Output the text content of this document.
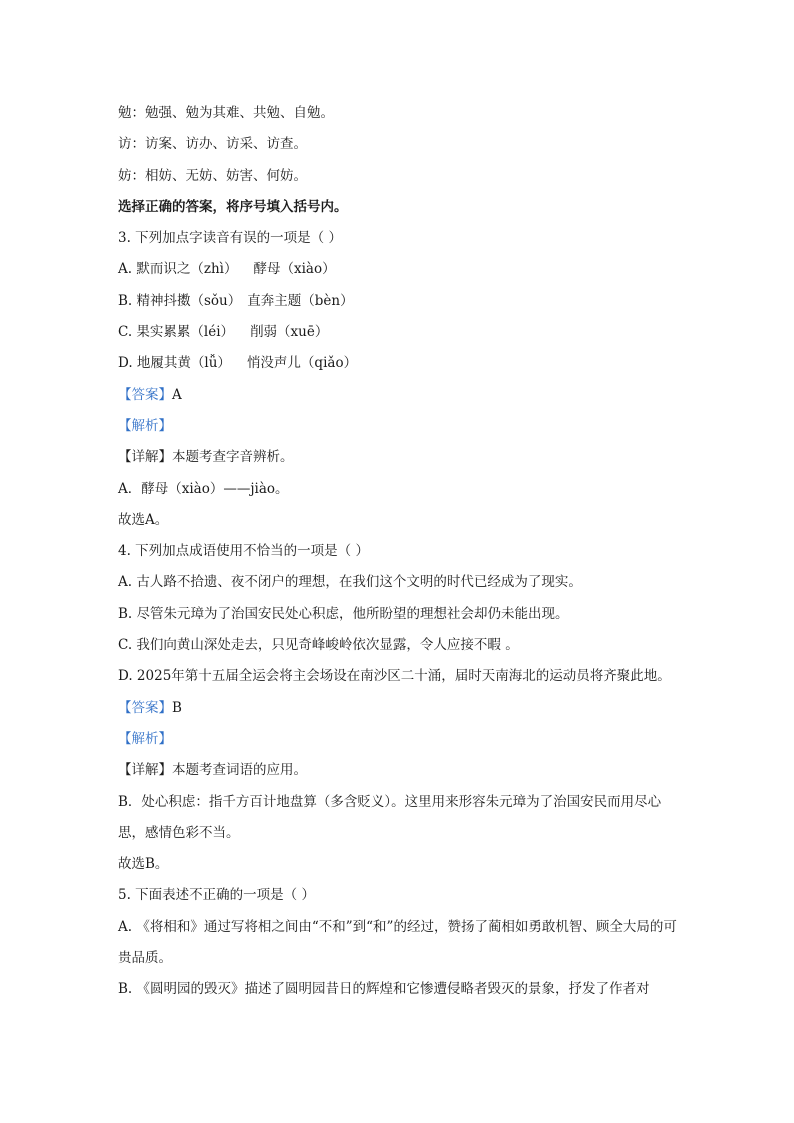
勉：勉强、勉为其难、共勉、自勉。
访：访案、访办、访采、访查。
妨：相妨、无妨、妨害、何妨。
选择正确的答案，将序号填入括号内。
3. 下列加点字读音有误的一项是（ ）
A. 默而识之（zhì） 酵母（xiào）
B. 精神抖擞（sǒu） 直奔主题（bèn）
C. 果实累累（léi） 削弱（xuē）
D. 地履其黄（lǚ） 悄没声儿（qiǎo）
【答案】A
【解析】
【详解】本题考查字音辨析。
A．酵母（xiào）——jiào。
故选A。
4. 下列加点成语使用不恰当的一项是（ ）
A. 古人路不拾遗、夜不闭户的理想，在我们这个文明的时代已经成为了现实。
B. 尽管朱元璋为了治国安民处心积虑，他所盼望的理想社会却仍未能出现。
C. 我们向黄山深处走去，只见奇峰峻岭依次显露，令人应接不暇 。
D. 2025年第十五届全运会将主会场设在南沙区二十涌，届时天南海北的运动员将齐聚此地。
【答案】B
【解析】
【详解】本题考查词语的应用。
B．处心积虑：指千方百计地盘算（多含贬义）。这里用来形容朱元璋为了治国安民而用尽心思，感情色彩不当。
故选B。
5. 下面表述不正确的一项是（ ）
A. 《将相和》通过写将相之间由“不和”到“和”的经过，赞扬了蔺相如勇敢机智、顾全大局的可贵品质。
B. 《圆明园的毁灭》描述了圆明园昔日的辉煌和它惨遭侵略者毁灭的景象，抒发了作者对
